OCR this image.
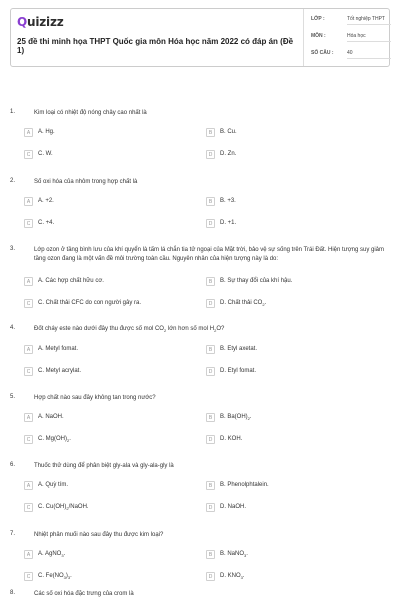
Quizizz
25 đề thi minh họa THPT Quốc gia môn Hóa học năm 2022 có đáp án (Đề 1)
LỚP :	Tốt nghiệp THPT
MÔN :	Hóa học
SỐ CÂU :	40
1.	Kim loại có nhiệt độ nóng chảy cao nhất là
A	A. Hg.	B	B. Cu.
C	C. W.	D	D. Zn.
2.	Số oxi hóa của nhôm trong hợp chất là
A	A. +2.	B	B. +3.
C	C. +4.	D	D. +1.
3.	Lớp ozon ở tầng bình lưu của khí quyển là tấm lá chắn tia tử ngoại của Mặt trời, bảo vệ sự sống trên Trái Đất. Hiện tượng suy giảm tầng ozon đang là một vấn đề môi trường toàn cầu. Nguyên nhân của hiện tượng này là do:
A	A. Các hợp chất hữu cơ.	B	B. Sự thay đổi của khí hậu.
C	C. Chất thải CFC do con người gây ra.	D	D. Chất thải $CO_2$.
4.	Đốt cháy este nào dưới đây thu được số mol $CO_2$ lớn hơn số mol $H_2O$?
A	A. Metyl fomat.	B	B. Etyl axetat.
C	C. Metyl acrylat.	D	D. Etyl fomat.
5.	Hợp chất nào sau đây không tan trong nước?
A	A. NaOH.	B	B. $Ba(OH)_2$.
C	C. $Mg(OH)_2$.	D	D. KOH.
6.	Thuốc thử dùng để phân biệt gly-ala và gly-ala-gly là
A	A. Quỳ tím.	B	B. Phenolphtalein.
C	C. $Cu(OH)_2$/NaOH.	D	D. NaOH.
7.	Nhiệt phân muối nào sau đây thu được kim loại?
A	A. AgNO$_3$.	B	B. NaNO$_3$.
C	C. $Fe(NO_3)_3$.	D	D. $KNO_3$.
8.	Các số oxi hóa đặc trưng của crom là
